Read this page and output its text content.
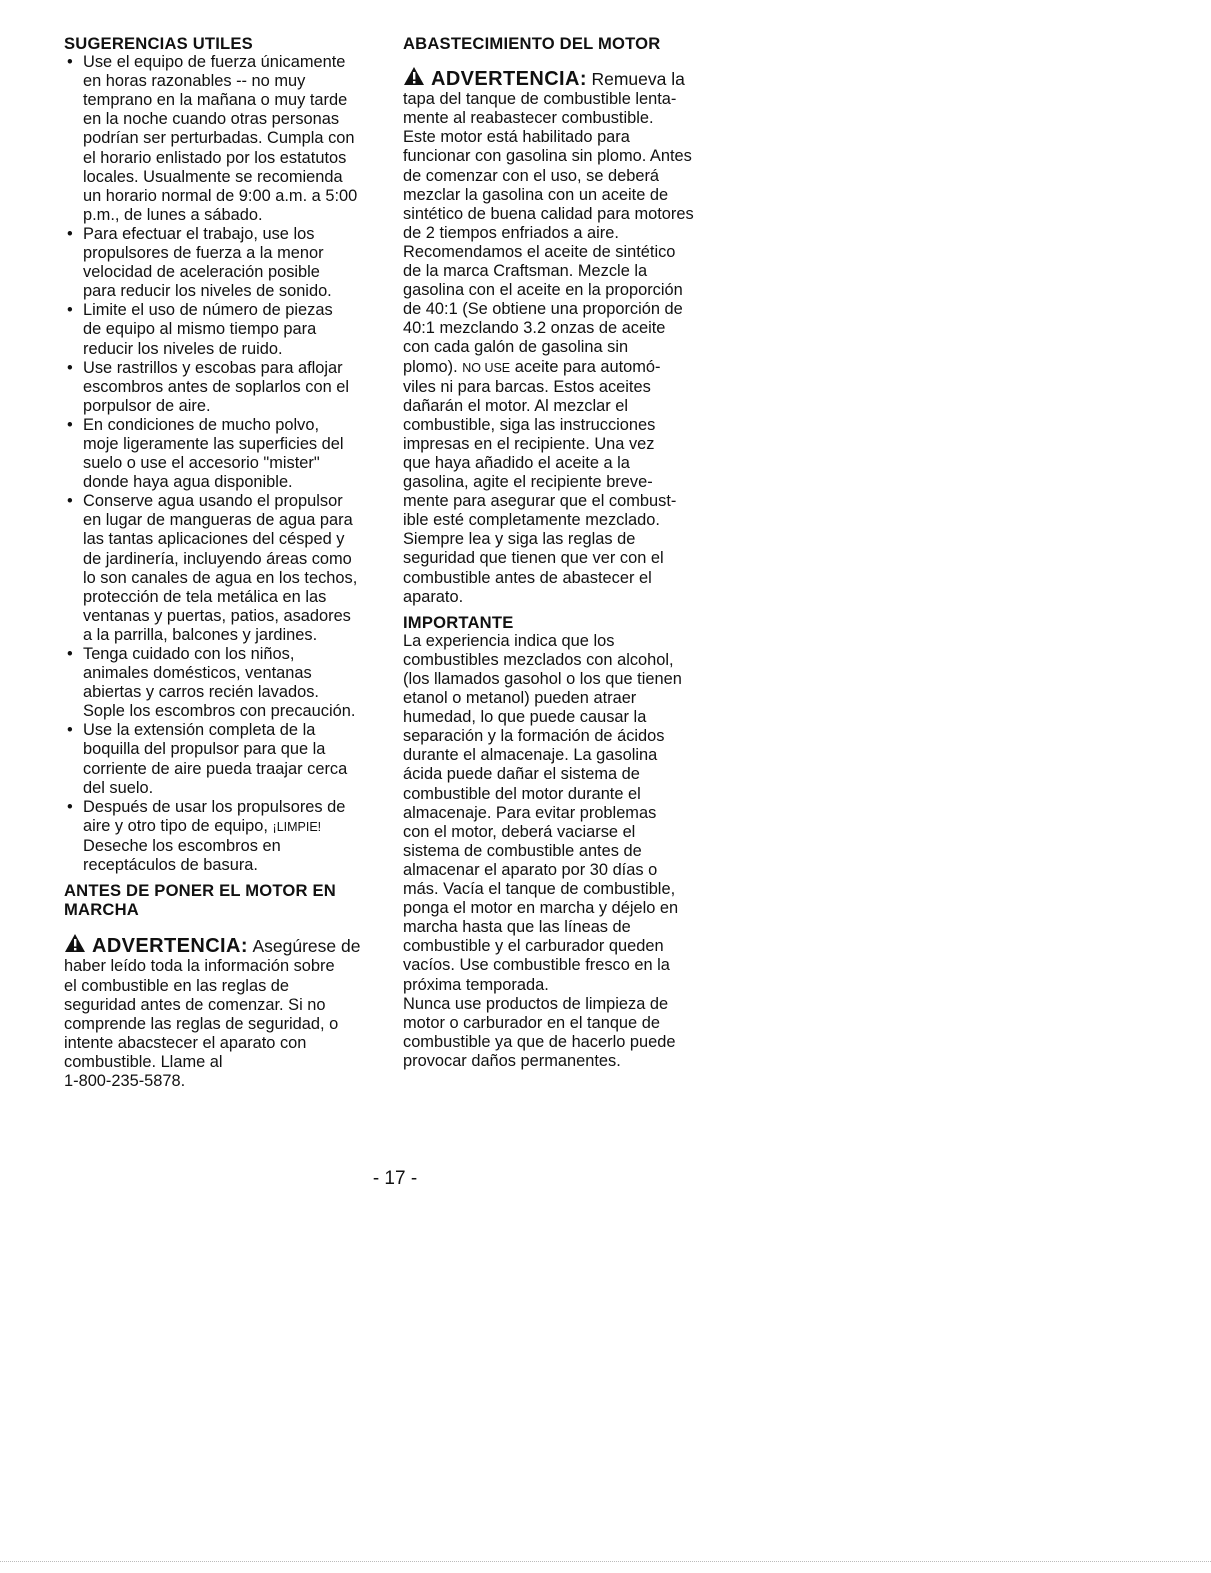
SUGERENCIAS UTILES
• Use el equipo de fuerza únicamente
en horas razonables -- no muy
temprano en la mañana o muy tarde
en la noche cuando otras personas
podrían ser perturbadas. Cumpla con
el horario enlistado por los estatutos
locales. Usualmente se recomienda
un horario normal de 9:00 a.m. a 5:00
p.m., de lunes a sábado.
• Para efectuar el trabajo, use los
propulsores de fuerza a la menor
velocidad de aceleración posible
para reducir los niveles de sonido.
• Limite el uso de número de piezas
de equipo al mismo tiempo para
reducir los niveles de ruido.
• Use rastrillos y escobas para aflojar
escombros antes de soplarlos con el
porpulsor de aire.
• En condiciones de mucho polvo,
moje ligeramente las superficies del
suelo o use el accesorio "mister"
donde haya agua disponible.
• Conserve agua usando el propulsor
en lugar de mangueras de agua para
las tantas aplicaciones del césped y
de jardinería, incluyendo áreas como
lo son canales de agua en los techos,
protección de tela metálica en las
ventanas y puertas, patios, asadores
a la parrilla, balcones y jardines.
• Tenga cuidado con los niños,
animales domésticos, ventanas
abiertas y carros recién lavados.
Sople los escombros con precaución.
• Use la extensión completa de la
boquilla del propulsor para que la
corriente de aire pueda traajar cerca
del suelo.
• Después de usar los propulsores de
aire y otro tipo de equipo, ¡LIMPIE!
Deseche los escombros en
receptáculos de basura.
ANTES DE PONER EL MOTOR EN
MARCHA
ADVERTENCIA: Asegúrese de
haber leído toda la información sobre
el combustible en las reglas de
seguridad antes de comenzar. Si no
comprende las reglas de seguridad, o
intente abacstecer el aparato con
combustible. Llame al
1-800-235-5878.
ABASTECIMIENTO DEL MOTOR
ADVERTENCIA: Remueva la
tapa del tanque de combustible lenta-
mente al reabastecer combustible.
Este motor está habilitado para
funcionar con gasolina sin plomo. Antes
de comenzar con el uso, se deberá
mezclar la gasolina con un aceite de
sintético de buena calidad para motores
de 2 tiempos enfriados a aire.
Recomendamos el aceite de sintético
de la marca Craftsman. Mezcle la
gasolina con el aceite en la proporción
de 40:1 (Se obtiene una proporción de
40:1 mezclando 3.2 onzas de aceite
con cada galón de gasolina sin
plomo). NO USE aceite para automó-
viles ni para barcas. Estos aceites
dañarán el motor. Al mezclar el
combustible, siga las instrucciones
impresas en el recipiente. Una vez
que haya añadido el aceite a la
gasolina, agite el recipiente breve-
mente para asegurar que el combust-
ible esté completamente mezclado.
Siempre lea y siga las reglas de
seguridad que tienen que ver con el
combustible antes de abastecer el
aparato.
IMPORTANTE
La experiencia indica que los
combustibles mezclados con alcohol,
(los llamados gasohol o los que tienen
etanol o metanol) pueden atraer
humedad, lo que puede causar la
separación y la formación de ácidos
durante el almacenaje. La gasolina
ácida puede dañar el sistema de
combustible del motor durante el
almacenaje. Para evitar problemas
con el motor, deberá vaciarse el
sistema de combustible antes de
almacenar el aparato por 30 días o
más. Vacía el tanque de combustible,
ponga el motor en marcha y déjelo en
marcha hasta que las líneas de
combustible y el carburador queden
vacíos. Use combustible fresco en la
próxima temporada.
Nunca use productos de limpieza de
motor o carburador en el tanque de
combustible ya que de hacerlo puede
provocar daños permanentes.
- 17 -
